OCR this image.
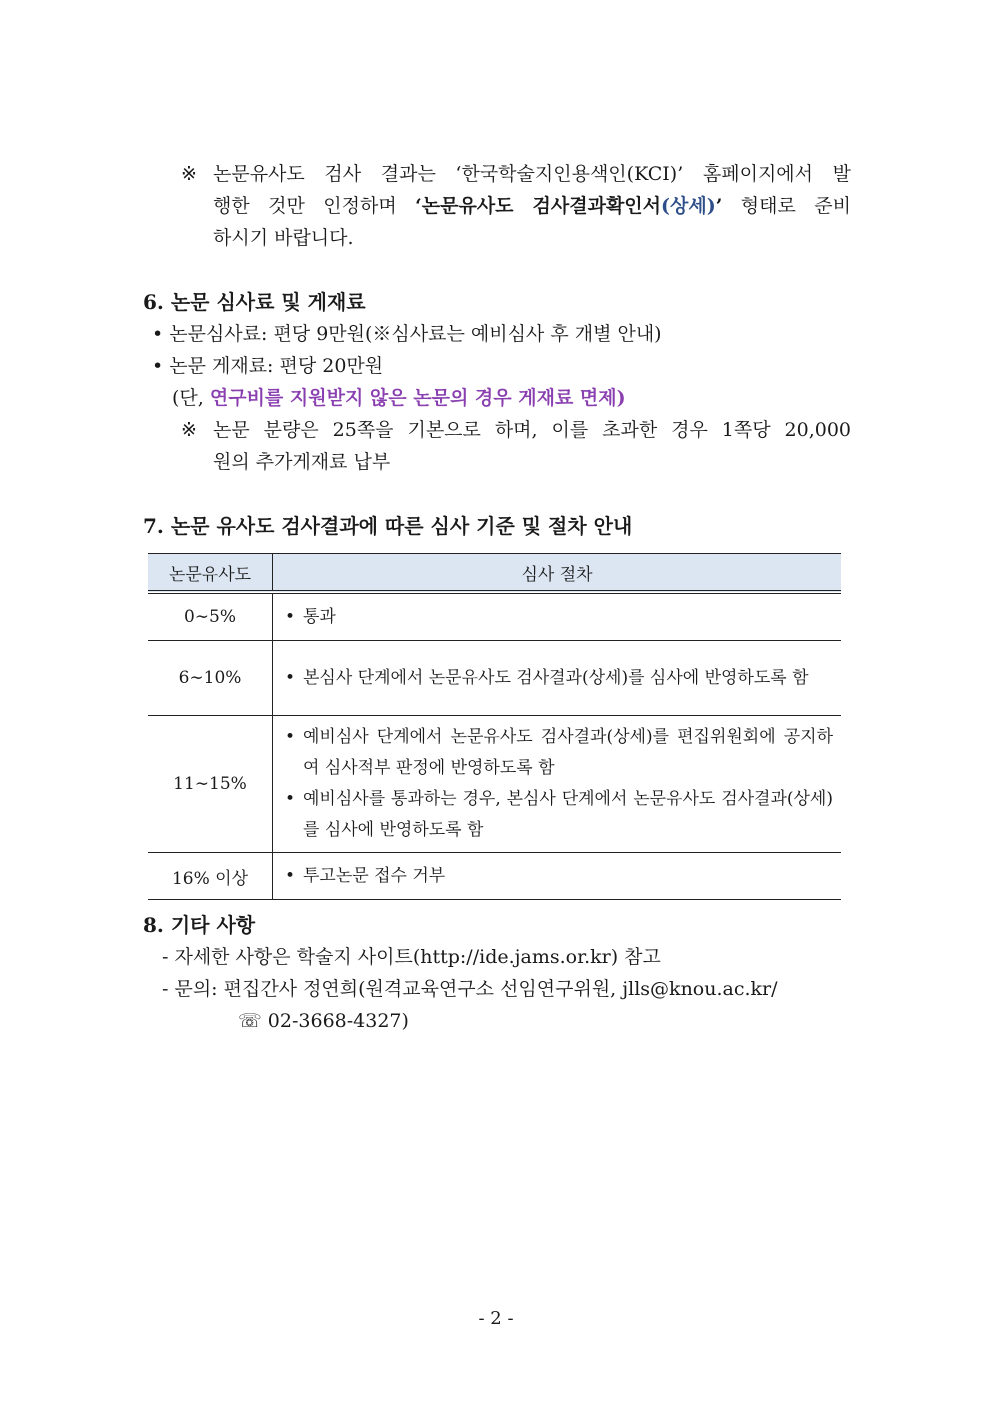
※ 논문유사도 검사 결과는 ‘한국학술지인용색인(KCI)’ 홈페이지에서 발
행한 것만 인정하며 ‘논문유사도 검사결과확인서(상세)’ 형태로 준비
하시기 바랍니다.
6. 논문 심사료 및 게재료
• 논문심사료: 편당 9만원(※심사료는 예비심사 후 개별 안내)
• 논문 게재료: 편당 20만원
(단, 연구비를 지원받지 않은 논문의 경우 게재료 면제)
※ 논문 분량은 25쪽을 기본으로 하며, 이를 초과한 경우 1쪽당 20,000
원의 추가게재료 납부
7. 논문 유사도 검사결과에 따른 심사 기준 및 절차 안내
논문유사도	심사 절차
0∼5%	• 통과

6∼10%	• 본심사 단계에서 논문유사도 검사결과(상세)를 심사에 반영하도록 함

11∼15%	• 예비심사 단계에서 논문유사도 검사결과(상세)를 편집위원회에 공지하여 심사적부 판정에 반영하도록 함
• 예비심사를 통과하는 경우, 본심사 단계에서 논문유사도 검사결과(상세)를 심사에 반영하도록 함

16% 이상	• 투고논문 접수 거부
8. 기타 사항
- 자세한 사항은 학술지 사이트(http://ide.jams.or.kr) 참고
- 문의: 편집간사 정연희(원격교육연구소 선임연구위원, jlls@knou.ac.kr/
☏ 02-3668-4327)
- 2 -
